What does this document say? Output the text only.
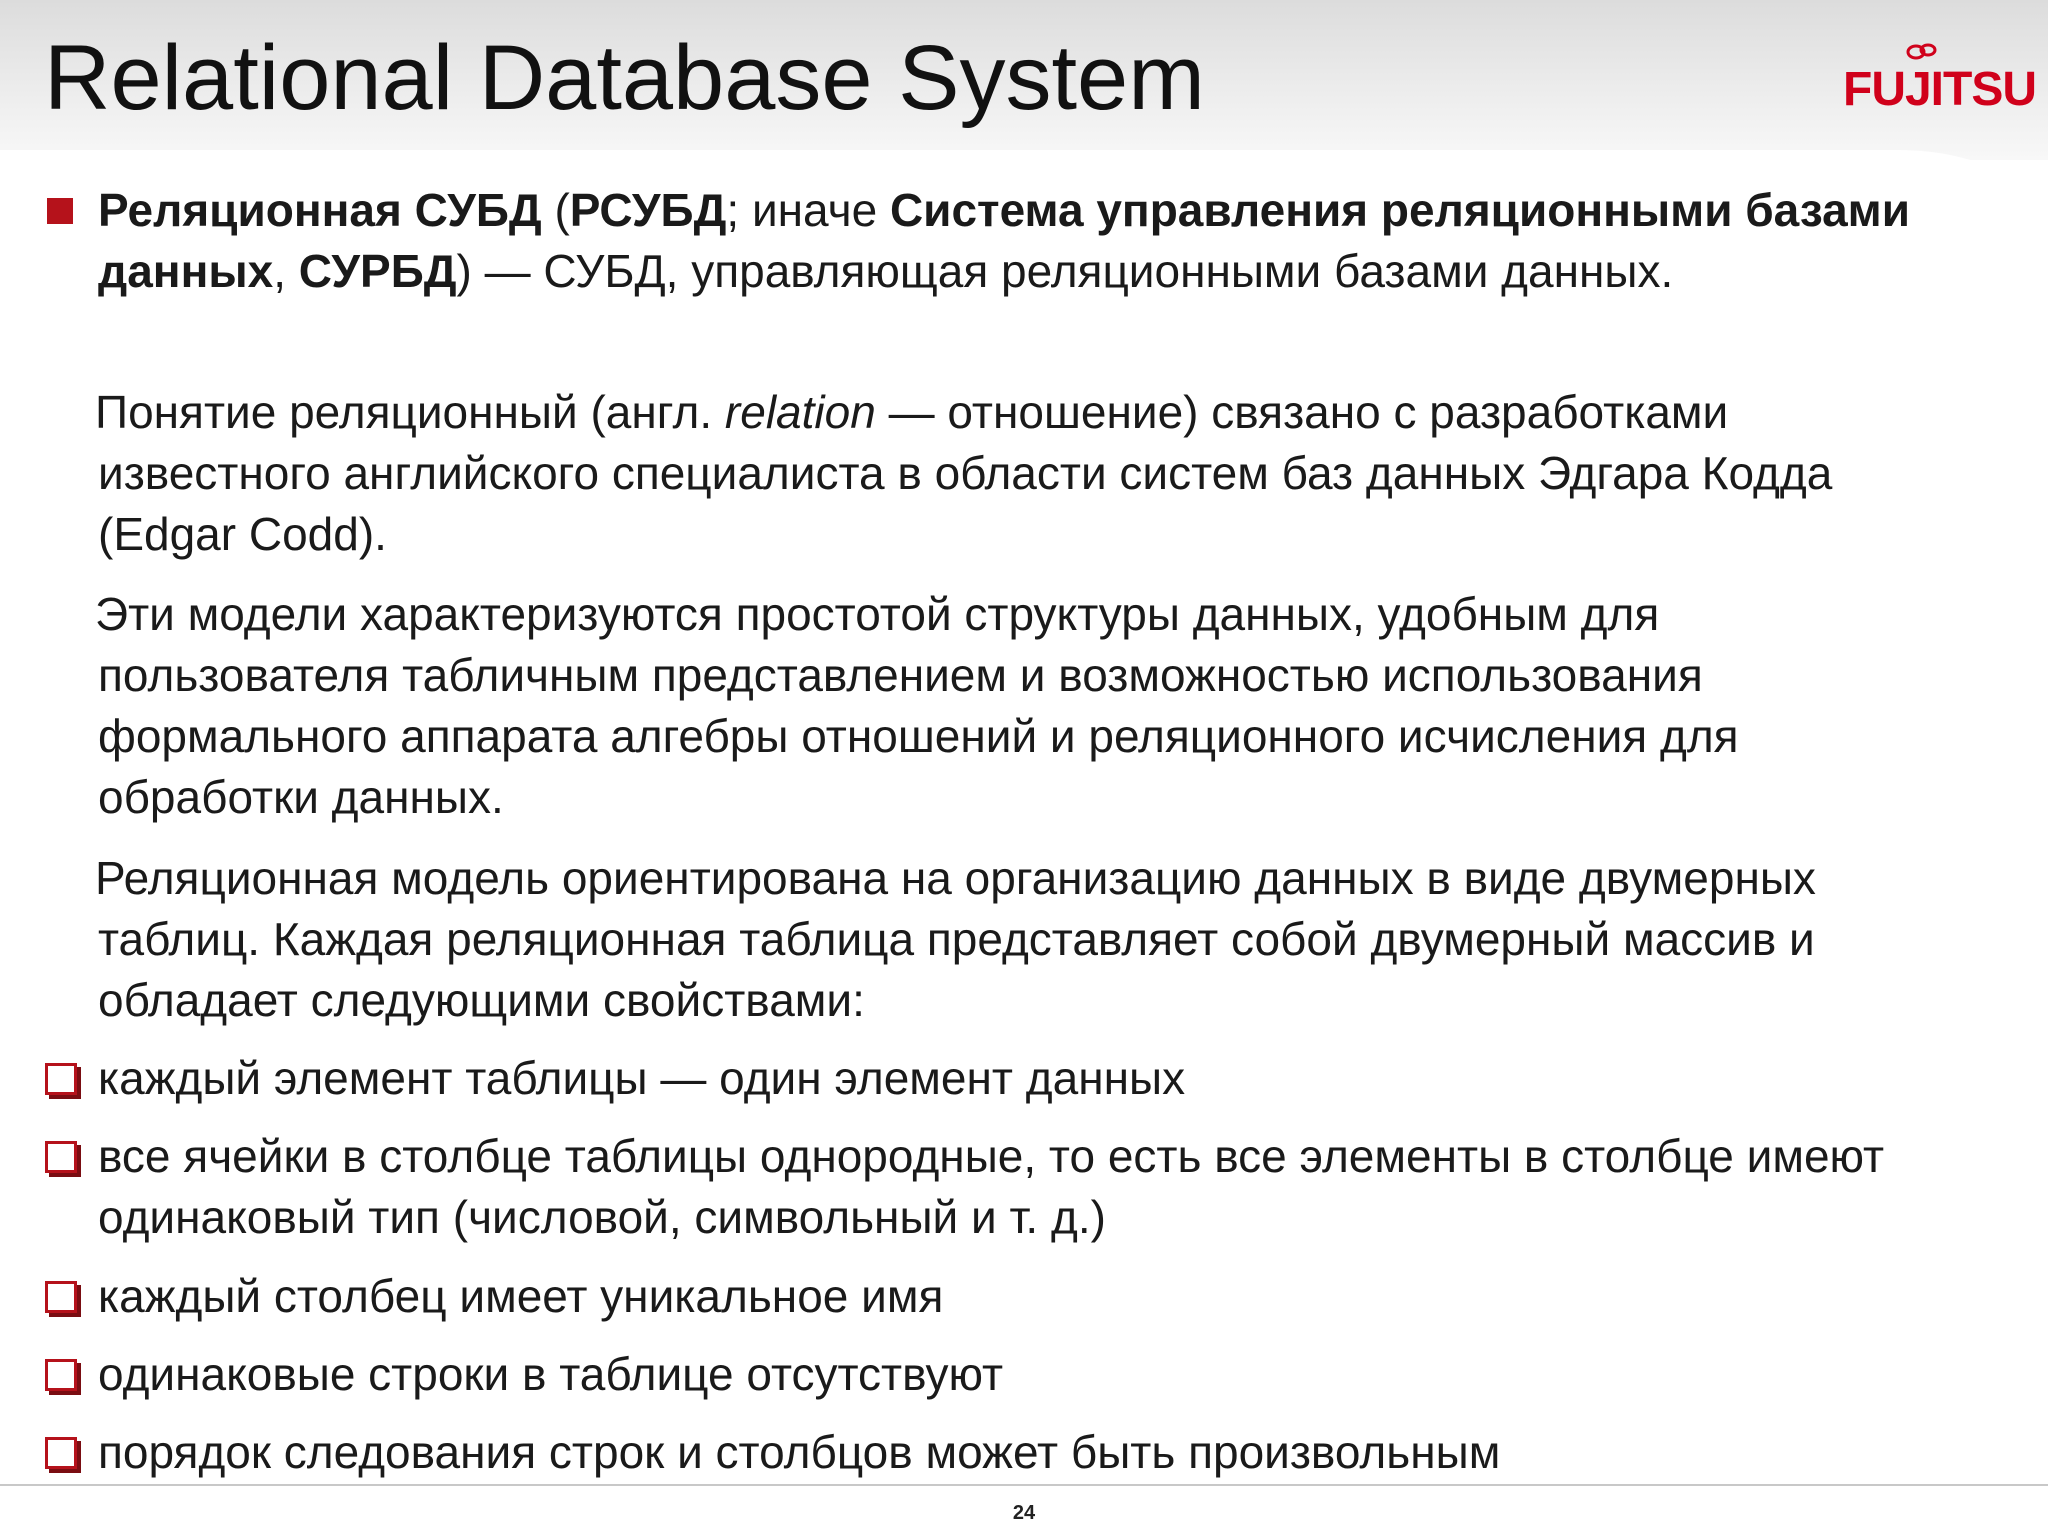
Relational Database System	FUJITSU
Реляционная СУБД (РСУБД; иначе Система управления реляционными базами данных, СУРБД) — СУБД, управляющая реляционными базами данных.
Понятие реляционный (англ. relation — отношение) связано с разработками известного английского специалиста в области систем баз данных Эдгара Кодда (Edgar Codd).
Эти модели характеризуются простотой структуры данных, удобным для пользователя табличным представлением и возможностью использования формального аппарата алгебры отношений и реляционного исчисления для обработки данных.
Реляционная модель ориентирована на организацию данных в виде двумерных таблиц. Каждая реляционная таблица представляет собой двумерный массив и обладает следующими свойствами:
каждый элемент таблицы — один элемент данных
все ячейки в столбце таблицы однородные, то есть все элементы в столбце имеют одинаковый тип (числовой, символьный и т. д.)
каждый столбец имеет уникальное имя
одинаковые строки в таблице отсутствуют
порядок следования строк и столбцов может быть произвольным
24
